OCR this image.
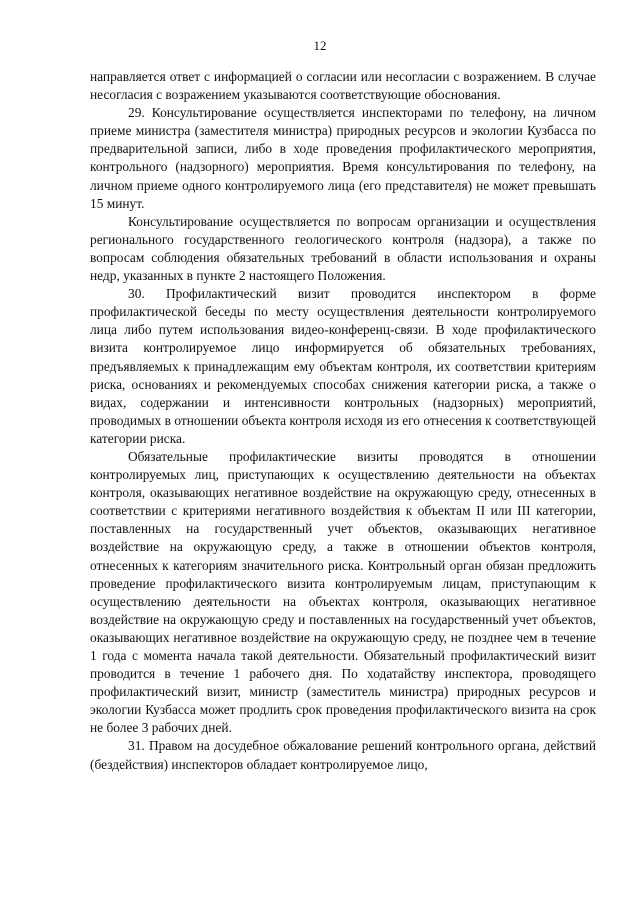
12

направляется ответ с информацией о согласии или несогласии с возражением. В случае несогласия с возражением указываются соответствующие обоснования.

29. Консультирование осуществляется инспекторами по телефону, на личном приеме министра (заместителя министра) природных ресурсов и экологии Кузбасса по предварительной записи, либо в ходе проведения профилактического мероприятия, контрольного (надзорного) мероприятия. Время консультирования по телефону, на личном приеме одного контролируемого лица (его представителя) не может превышать 15 минут.

Консультирование осуществляется по вопросам организации и осуществления регионального государственного геологического контроля (надзора), а также по вопросам соблюдения обязательных требований в области использования и охраны недр, указанных в пункте 2 настоящего Положения.

30. Профилактический визит проводится инспектором в форме профилактической беседы по месту осуществления деятельности контролируемого лица либо путем использования видео-конференц-связи. В ходе профилактического визита контролируемое лицо информируется об обязательных требованиях, предъявляемых к принадлежащим ему объектам контроля, их соответствии критериям риска, основаниях и рекомендуемых способах снижения категории риска, а также о видах, содержании и интенсивности контрольных (надзорных) мероприятий, проводимых в отношении объекта контроля исходя из его отнесения к соответствующей категории риска.

Обязательные профилактические визиты проводятся в отношении контролируемых лиц, приступающих к осуществлению деятельности на объектах контроля, оказывающих негативное воздействие на окружающую среду, отнесенных в соответствии с критериями негативного воздействия к объектам II или III категории, поставленных на государственный учет объектов, оказывающих негативное воздействие на окружающую среду, а также в отношении объектов контроля, отнесенных к категориям значительного риска. Контрольный орган обязан предложить проведение профилактического визита контролируемым лицам, приступающим к осуществлению деятельности на объектах контроля, оказывающих негативное воздействие на окружающую среду и поставленных на государственный учет объектов, оказывающих негативное воздействие на окружающую среду, не позднее чем в течение 1 года с момента начала такой деятельности. Обязательный профилактический визит проводится в течение 1 рабочего дня. По ходатайству инспектора, проводящего профилактический визит, министр (заместитель министра) природных ресурсов и экологии Кузбасса может продлить срок проведения профилактического визита на срок не более 3 рабочих дней.

31. Правом на досудебное обжалование решений контрольного органа, действий (бездействия) инспекторов обладает контролируемое лицо,
